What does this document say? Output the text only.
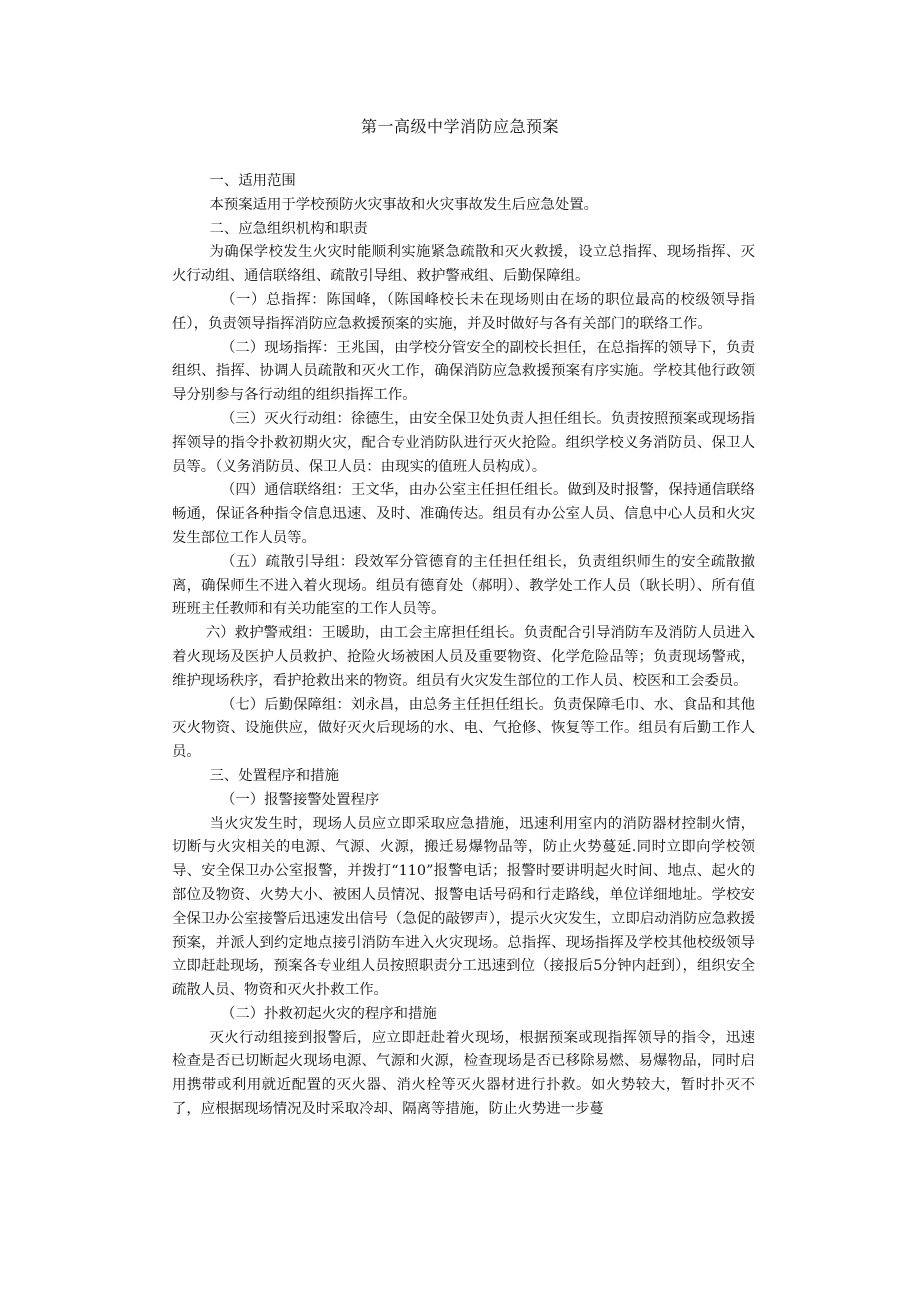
第一高级中学消防应急预案

一、适用范围

本预案适用于学校预防火灾事故和火灾事故发生后应急处置。

二、应急组织机构和职责

为确保学校发生火灾时能顺利实施紧急疏散和灭火救援，设立总指挥、现场指挥、灭火行动组、通信联络组、疏散引导组、救护警戒组、后勤保障组。

（一）总指挥：陈国峰，（陈国峰校长未在现场则由在场的职位最高的校级领导指任），负责领导指挥消防应急救援预案的实施，并及时做好与各有关部门的联络工作。

（二）现场指挥：王兆国，由学校分管安全的副校长担任，在总指挥的领导下，负责组织、指挥、协调人员疏散和灭火工作，确保消防应急救援预案有序实施。学校其他行政领导分别参与各行动组的组织指挥工作。

（三）灭火行动组：徐德生，由安全保卫处负责人担任组长。负责按照预案或现场指挥领导的指令扑救初期火灾，配合专业消防队进行灭火抢险。组织学校义务消防员、保卫人员等。（义务消防员、保卫人员：由现实的值班人员构成）。

（四）通信联络组：王文华，由办公室主任担任组长。做到及时报警，保持通信联络畅通，保证各种指令信息迅速、及时、准确传达。组员有办公室人员、信息中心人员和火灾发生部位工作人员等。

（五）疏散引导组：段效军分管德育的主任担任组长，负责组织师生的安全疏散撤离，确保师生不进入着火现场。组员有德育处（郝明）、教学处工作人员（耿长明）、所有值班班主任教师和有关功能室的工作人员等。

六）救护警戒组：王暖助，由工会主席担任组长。负责配合引导消防车及消防人员进入着火现场及医护人员救护、抢险火场被困人员及重要物资、化学危险品等；负责现场警戒，维护现场秩序，看护抢救出来的物资。组员有火灾发生部位的工作人员、校医和工会委员。

（七）后勤保障组：刘永昌，由总务主任担任组长。负责保障毛巾、水、食品和其他灭火物资、设施供应，做好灭火后现场的水、电、气抢修、恢复等工作。组员有后勤工作人员。

三、处置程序和措施

（一）报警接警处置程序

当火灾发生时，现场人员应立即采取应急措施，迅速利用室内的消防器材控制火情，切断与火灾相关的电源、气源、火源，搬迁易爆物品等，防止火势蔓延.同时立即向学校领导、安全保卫办公室报警，并拨打“110”报警电话；报警时要讲明起火时间、地点、起火的部位及物资、火势大小、被困人员情况、报警电话号码和行走路线，单位详细地址。学校安全保卫办公室接警后迅速发出信号（急促的敲锣声），提示火灾发生，立即启动消防应急救援预案，并派人到约定地点接引消防车进入火灾现场。总指挥、现场指挥及学校其他校级领导立即赶赴现场，预案各专业组人员按照职责分工迅速到位（接报后5分钟内赶到），组织安全疏散人员、物资和灭火扑救工作。

（二）扑救初起火灾的程序和措施

灭火行动组接到报警后，应立即赶赴着火现场，根据预案或现指挥领导的指令，迅速检查是否已切断起火现场电源、气源和火源，检查现场是否已移除易燃、易爆物品，同时启用携带或利用就近配置的灭火器、消火栓等灭火器材进行扑救。如火势较大，暂时扑灭不了，应根据现场情况及时采取冷却、隔离等措施，防止火势进一步蔓
